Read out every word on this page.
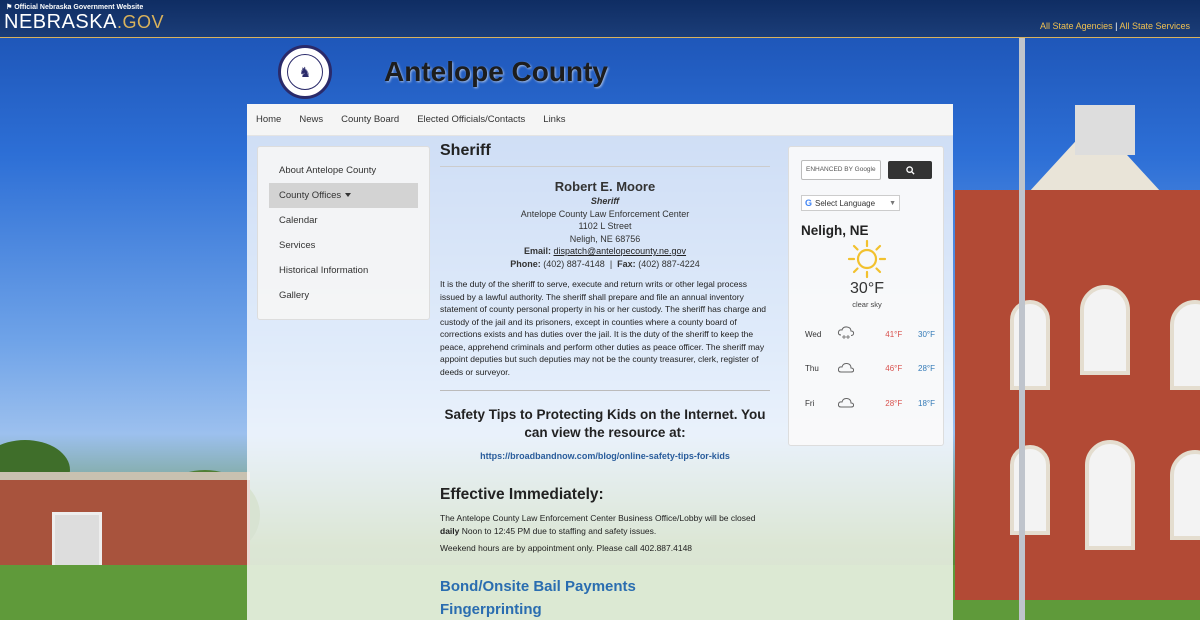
⚑ Official Nebraska Government Website
NEBRASKA.GOV	All State Agencies | All State Services
♞	Antelope County
Home	News	County Board	Elected Officials/Contacts	Links
About Antelope County
County Offices
Calendar
Services
Historical Information
Gallery
Sheriff
Robert E. Moore
Sheriff
Antelope County Law Enforcement Center
1102 L Street
Neligh, NE 68756
Email: dispatch@antelopecounty.ne.gov
Phone: (402) 887-4148 | Fax: (402) 887-4224

It is the duty of the sheriff to serve, execute and return writs or other legal process issued by a lawful authority. The sheriff shall prepare and file an annual inventory statement of county personal property in his or her custody. The sheriff has charge and custody of the jail and its prisoners, except in counties where a county board of corrections exists and has duties over the jail. It is the duty of the sheriff to keep the peace, apprehend criminals and perform other duties as peace officer. The sheriff may appoint deputies but such deputies may not be the county treasurer, clerk, register of deeds or surveyor.

Safety Tips to Protecting Kids on the Internet. You can view the resource at:
https://broadbandnow.com/blog/online-safety-tips-for-kids
Effective Immediately:

The Antelope County Law Enforcement Center Business Office/Lobby will be closed daily Noon to 12:45 PM due to staffing and safety issues.

Weekend hours are by appointment only. Please call 402.887.4148

Bond/Onsite Bail Payments
Fingerprinting
ENHANCED BY Google
G Select Language ▼
Neligh, NE
30°F
clear sky
Wed	41°F	30°F
Thu	46°F	28°F
Fri	28°F	18°F
